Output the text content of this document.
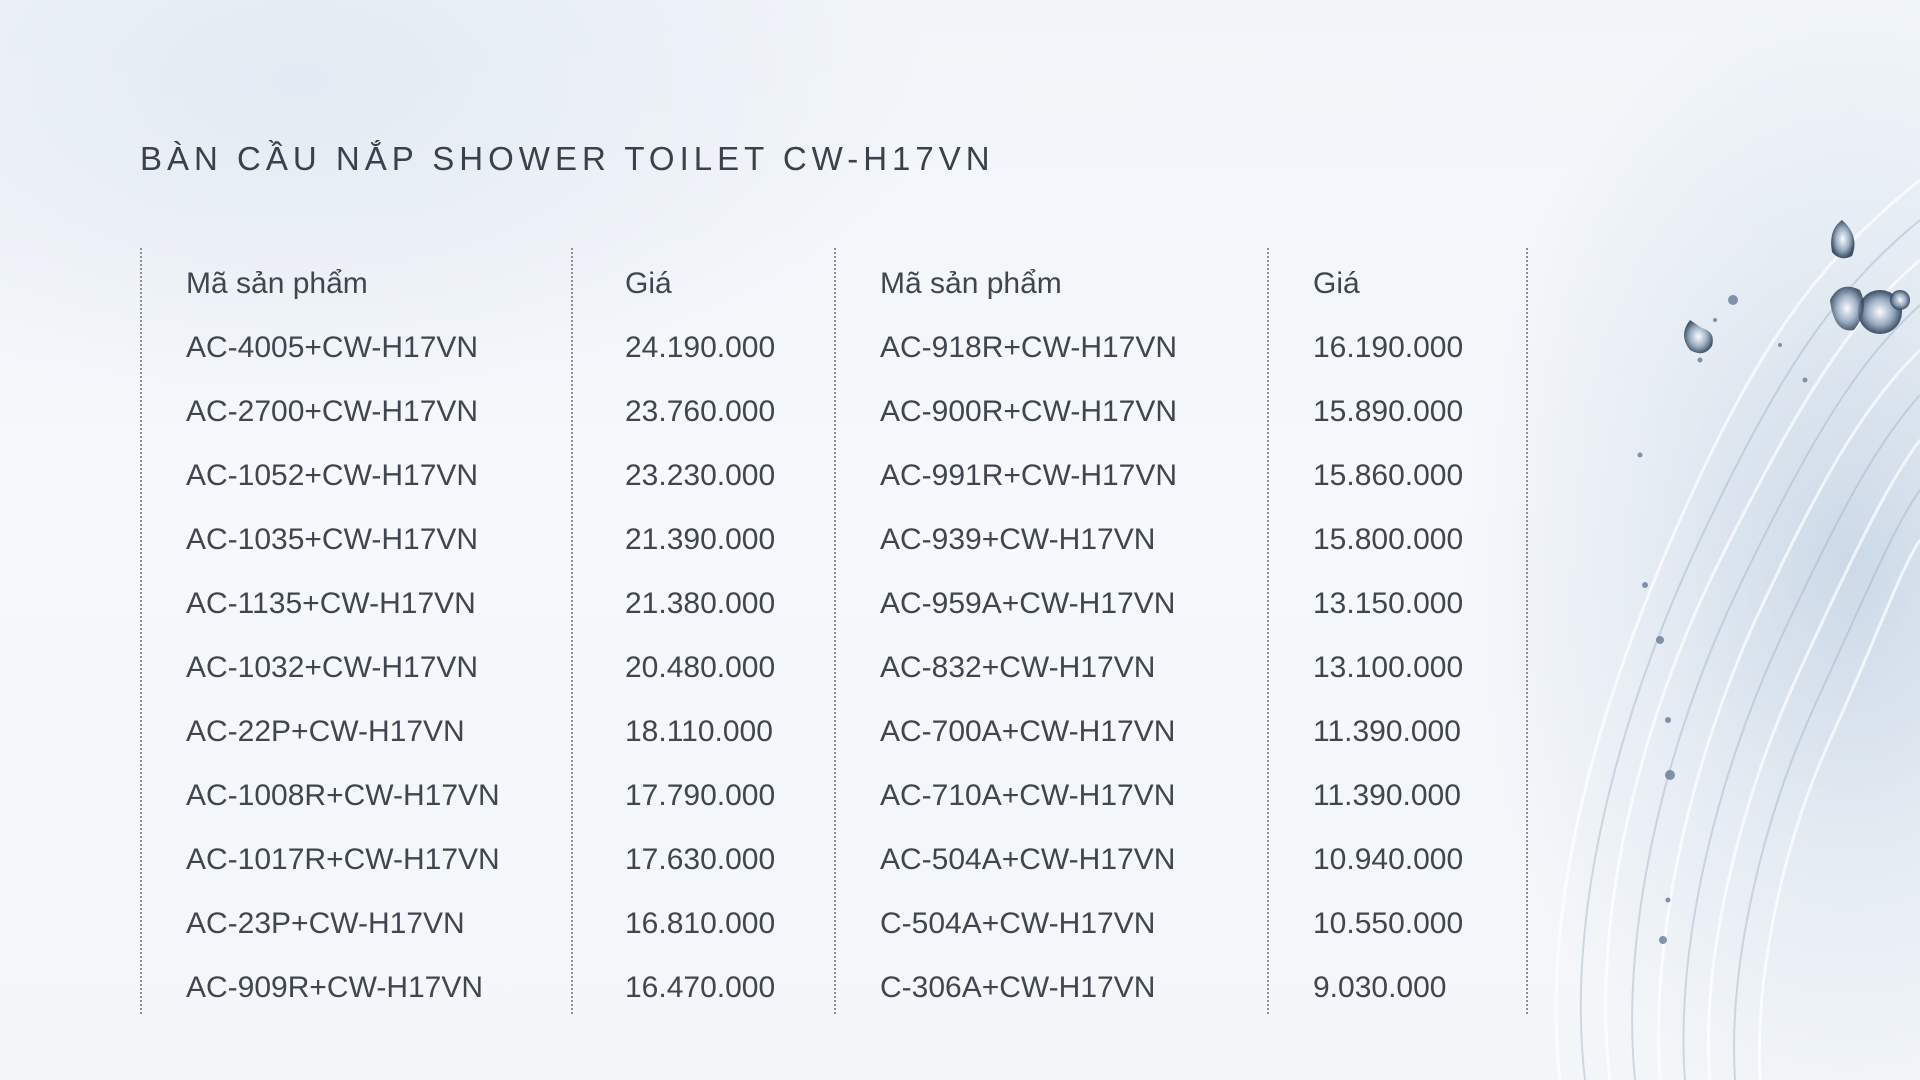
BÀN CẦU NẮP SHOWER TOILET CW-H17VN
Mã sản phẩm
AC-4005+CW-H17VN
AC-2700+CW-H17VN
AC-1052+CW-H17VN
AC-1035+CW-H17VN
AC-1135+CW-H17VN
AC-1032+CW-H17VN
AC-22P+CW-H17VN
AC-1008R+CW-H17VN
AC-1017R+CW-H17VN
AC-23P+CW-H17VN
AC-909R+CW-H17VN
Giá
24.190.000
23.760.000
23.230.000
21.390.000
21.380.000
20.480.000
18.110.000
17.790.000
17.630.000
16.810.000
16.470.000
Mã sản phẩm
AC-918R+CW-H17VN
AC-900R+CW-H17VN
AC-991R+CW-H17VN
AC-939+CW-H17VN
AC-959A+CW-H17VN
AC-832+CW-H17VN
AC-700A+CW-H17VN
AC-710A+CW-H17VN
AC-504A+CW-H17VN
C-504A+CW-H17VN
C-306A+CW-H17VN
Giá
16.190.000
15.890.000
15.860.000
15.800.000
13.150.000
13.100.000
11.390.000
11.390.000
10.940.000
10.550.000
9.030.000
